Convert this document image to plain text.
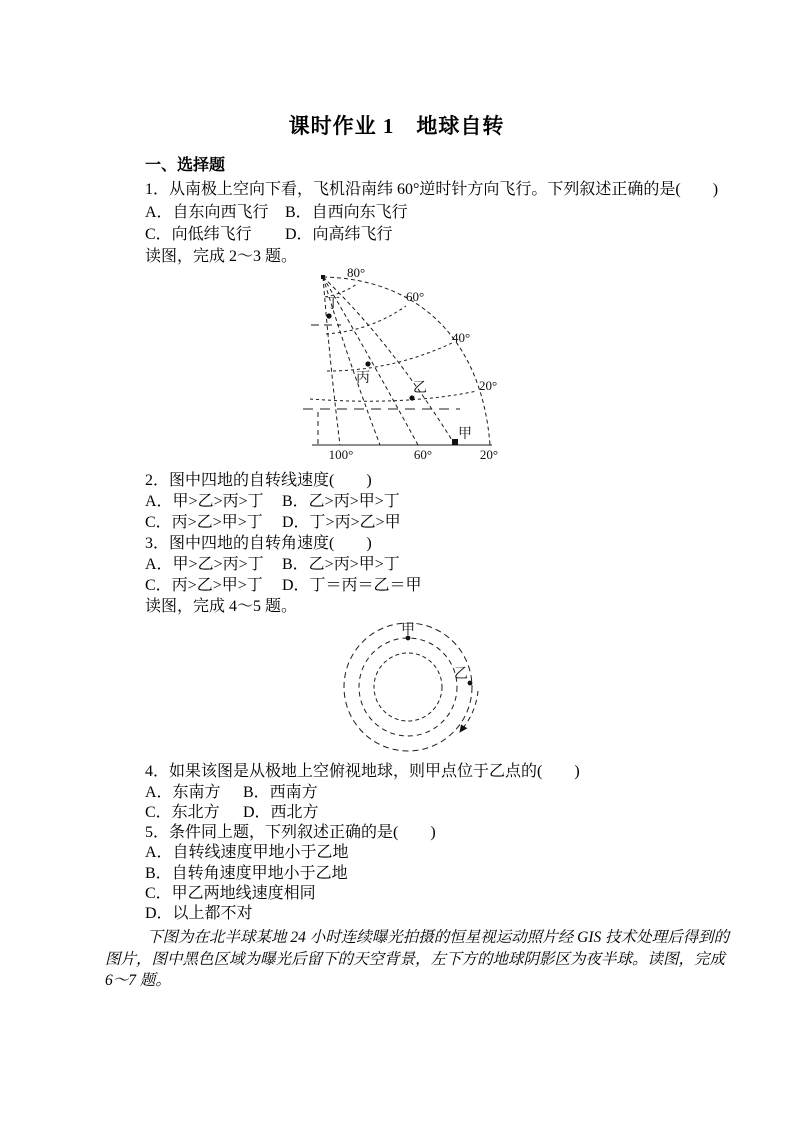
课时作业 1　地球自转
一、选择题
1．从南极上空向下看，飞机沿南纬 60°逆时针方向飞行。下列叙述正确的是(　　)
A．自东向西飞行 B．自西向东飞行
C．向低纬飞行 D．向高纬飞行
读图，完成 2～3 题。
80°
60°
40°
20°
100°	60°	20°
丁
丙
乙
甲
2．图中四地的自转线速度(　　)
A．甲>乙>丙>丁 B．乙>丙>甲>丁
C．丙>乙>甲>丁 D．丁>丙>乙>甲
3．图中四地的自转角速度(　　)
A．甲>乙>丙>丁 B．乙>丙>甲>丁
C．丙>乙>甲>丁 D．丁＝丙＝乙＝甲
读图，完成 4～5 题。
甲
乙
4．如果该图是从极地上空俯视地球，则甲点位于乙点的(　　)
A．东南方 B．西南方
C．东北方 D．西北方
5．条件同上题，下列叙述正确的是(　　)
A．自转线速度甲地小于乙地
B．自转角速度甲地小于乙地
C．甲乙两地线速度相同
D．以上都不对
下图为在北半球某地 24 小时连续曝光拍摄的恒星视运动照片经 GIS 技术处理后得到的
图片，图中黑色区域为曝光后留下的天空背景，左下方的地球阴影区为夜半球。读图，完成
6～7 题。
